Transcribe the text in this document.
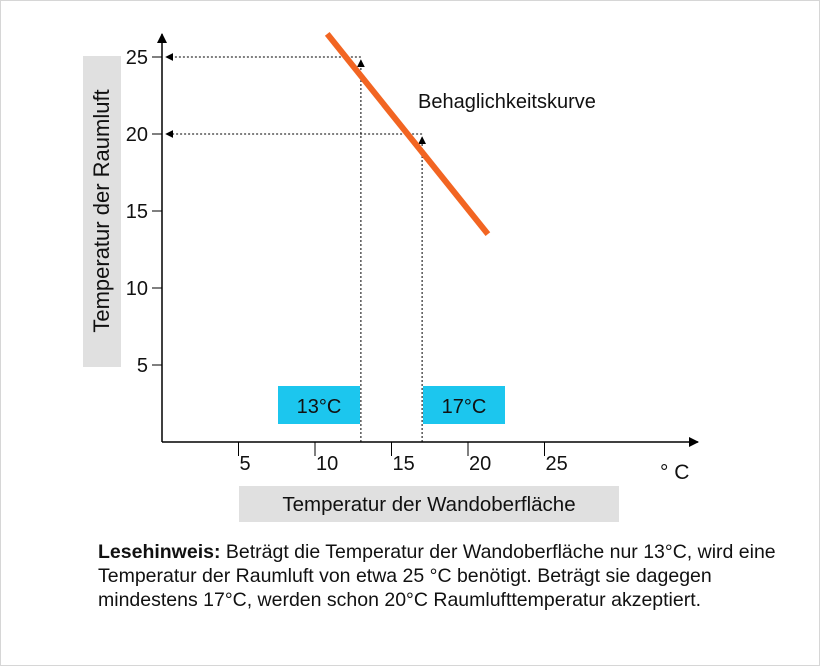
Temperatur der Raumluft
Temperatur der Wandoberfläche
° C
13°C	17°C
5	10	15	20	25
5
10
15
20
25
Behaglichkeitskurve
Lesehinweis: Beträgt die Temperatur der Wandoberfläche nur 13°C, wird eine Temperatur der Raumluft von etwa 25 °C benötigt. Beträgt sie dagegen mindestens 17°C, werden schon 20°C Raumlufttemperatur akzeptiert.
